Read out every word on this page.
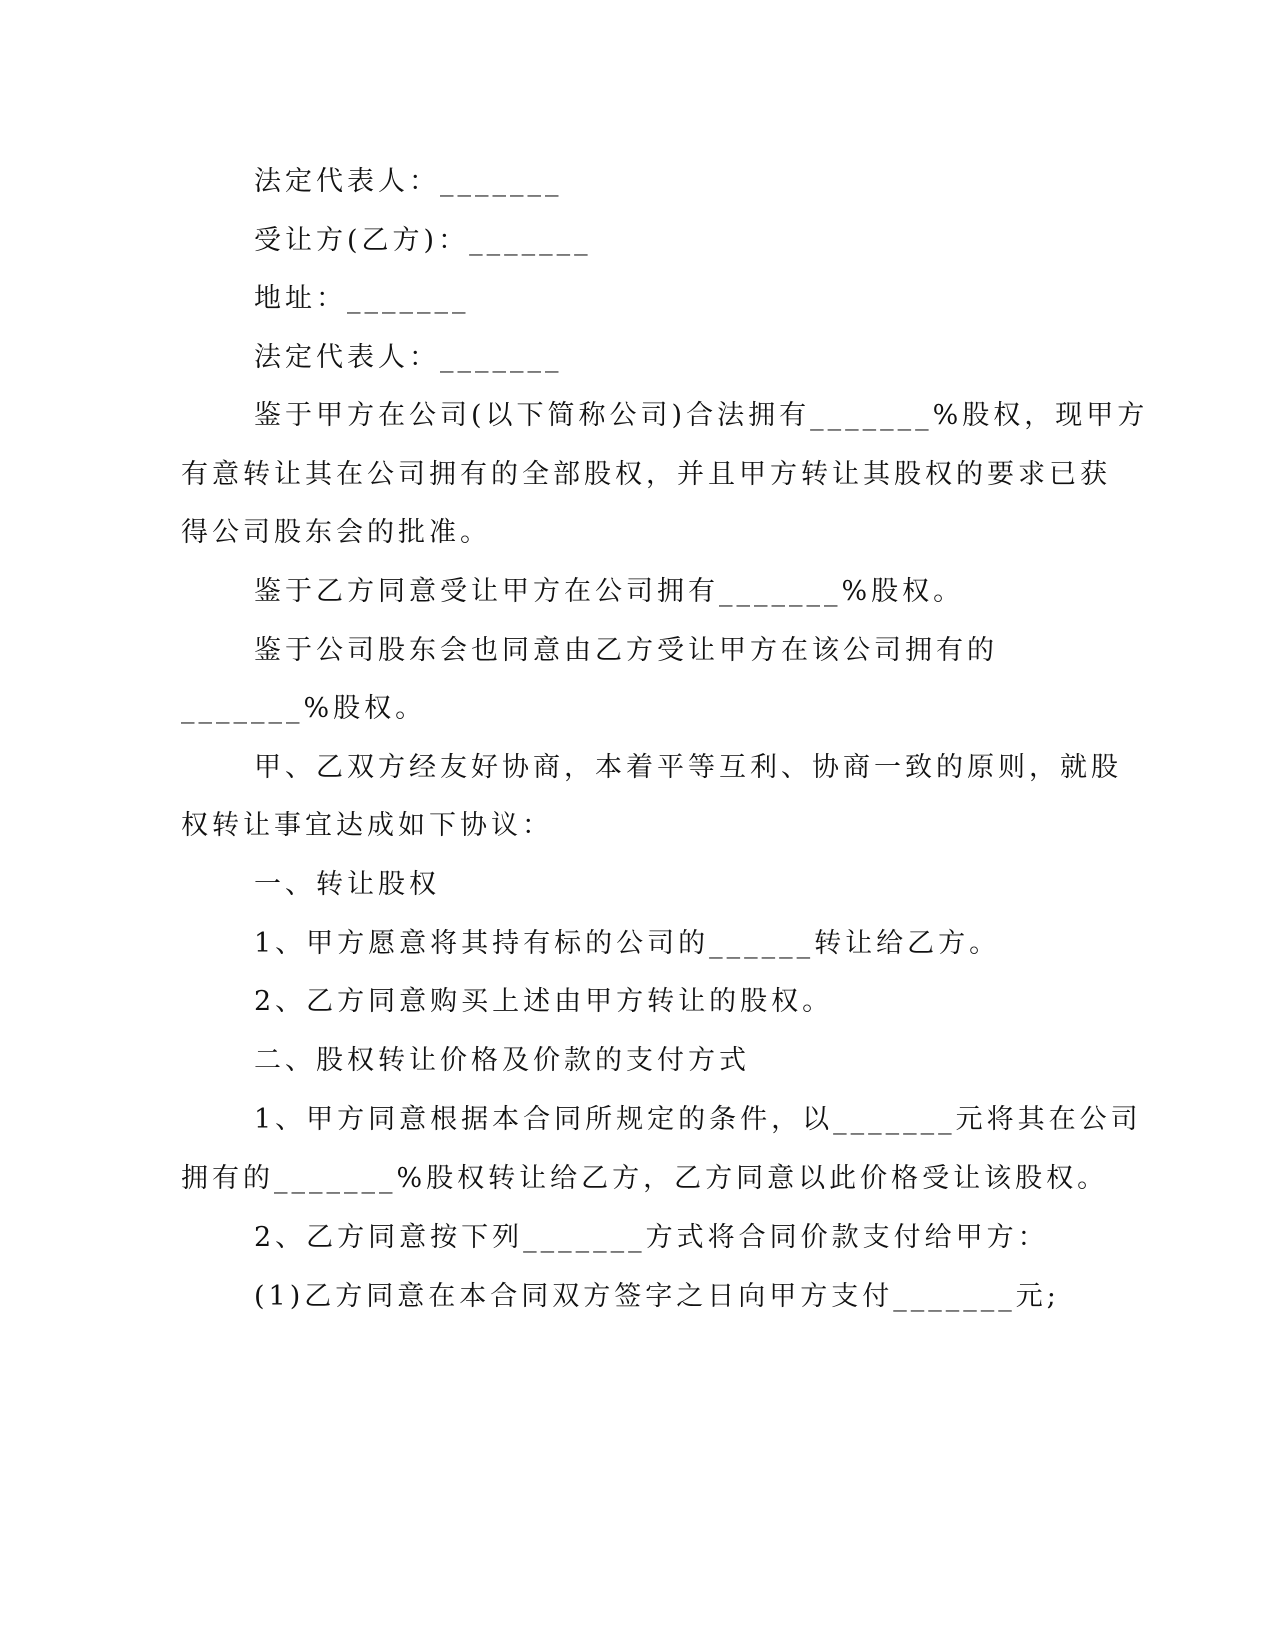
法定代表人：_______
受让方(乙方)：_______
地址：_______
法定代表人：_______
鉴于甲方在公司(以下简称公司)合法拥有_______%股权，现甲方
有意转让其在公司拥有的全部股权，并且甲方转让其股权的要求已获
得公司股东会的批准。
鉴于乙方同意受让甲方在公司拥有_______%股权。
鉴于公司股东会也同意由乙方受让甲方在该公司拥有的
_______%股权。
甲、乙双方经友好协商，本着平等互利、协商一致的原则，就股
权转让事宜达成如下协议：
一、转让股权
1、甲方愿意将其持有标的公司的______转让给乙方。
2、乙方同意购买上述由甲方转让的股权。
二、股权转让价格及价款的支付方式
1、甲方同意根据本合同所规定的条件，以_______元将其在公司
拥有的_______%股权转让给乙方，乙方同意以此价格受让该股权。
2、乙方同意按下列_______方式将合同价款支付给甲方：
(1)乙方同意在本合同双方签字之日向甲方支付_______元;
